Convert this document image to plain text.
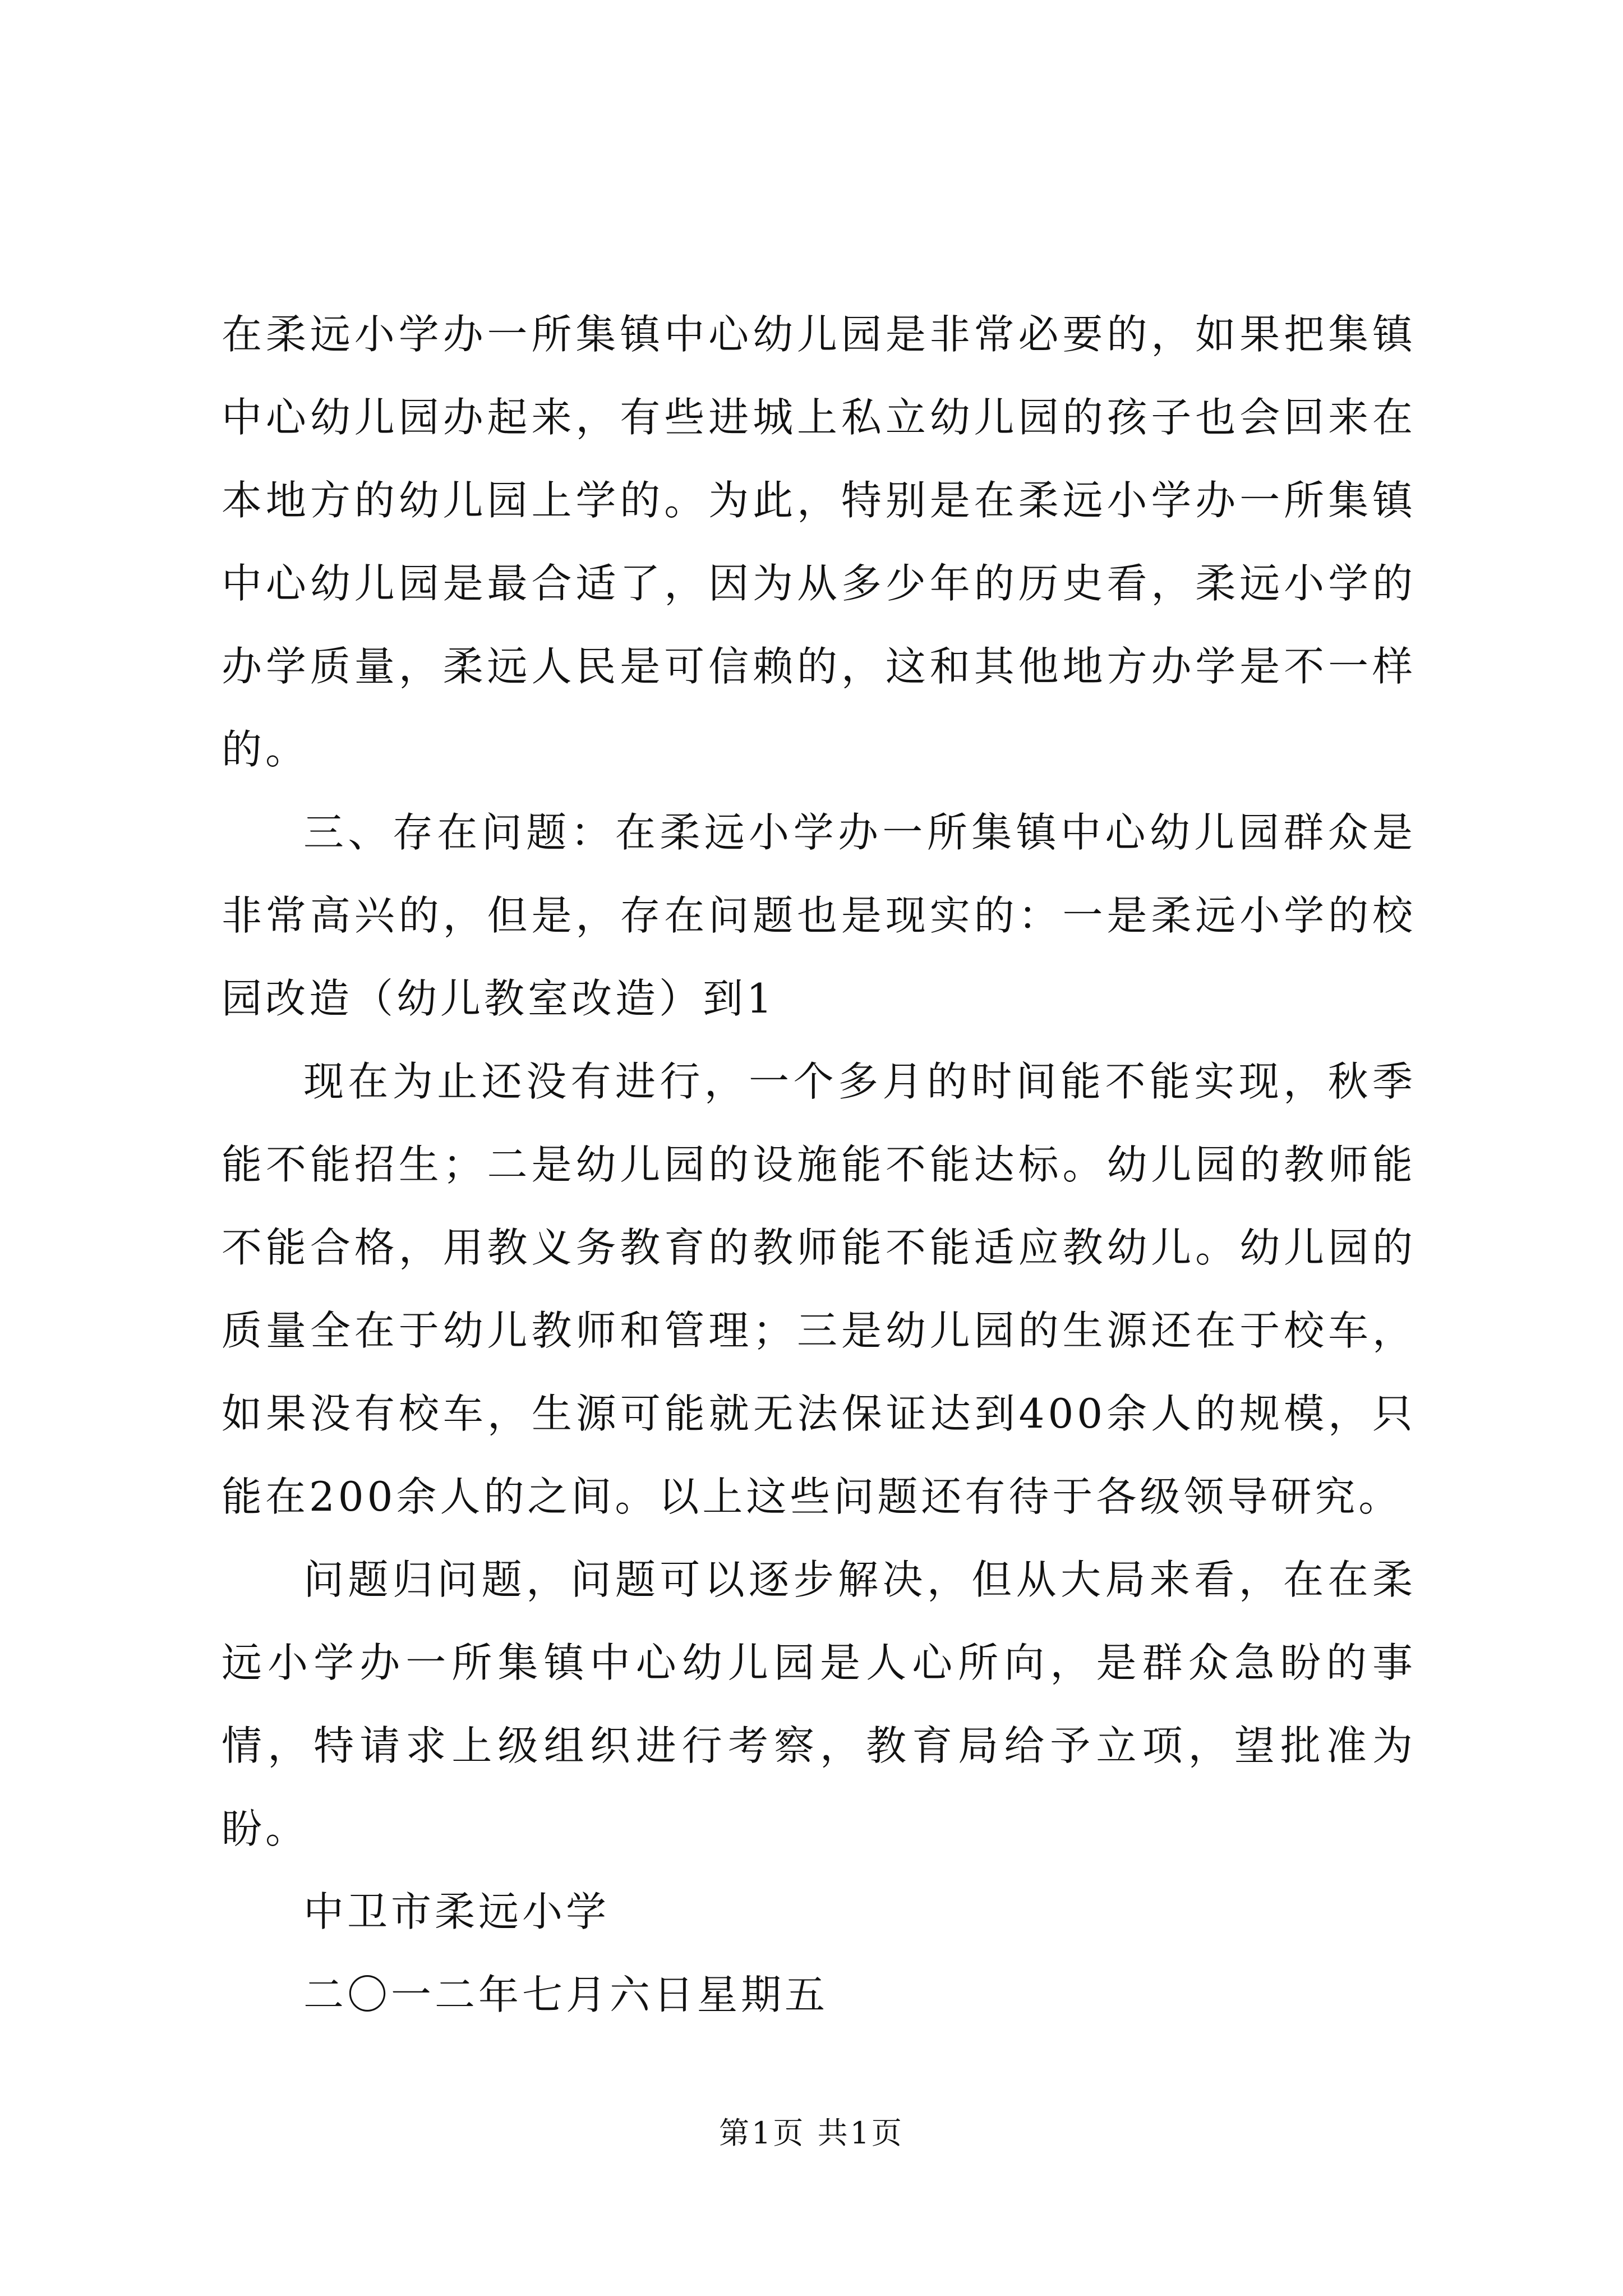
在柔远小学办一所集镇中心幼儿园是非常必要的，如果把集镇中心幼儿园办起来，有些进城上私立幼儿园的孩子也会回来在本地方的幼儿园上学的。为此，特别是在柔远小学办一所集镇中心幼儿园是最合适了，因为从多少年的历史看，柔远小学的办学质量，柔远人民是可信赖的，这和其他地方办学是不一样的。

三、存在问题：在柔远小学办一所集镇中心幼儿园群众是非常高兴的，但是，存在问题也是现实的：一是柔远小学的校园改造（幼儿教室改造）到1

现在为止还没有进行，一个多月的时间能不能实现，秋季能不能招生；二是幼儿园的设施能不能达标。幼儿园的教师能不能合格，用教义务教育的教师能不能适应教幼儿。幼儿园的质量全在于幼儿教师和管理；三是幼儿园的生源还在于校车，如果没有校车，生源可能就无法保证达到400余人的规模，只能在200余人的之间。以上这些问题还有待于各级领导研究。

问题归问题，问题可以逐步解决，但从大局来看，在在柔远小学办一所集镇中心幼儿园是人心所向，是群众急盼的事情，特请求上级组织进行考察，教育局给予立项，望批准为盼。

中卫市柔远小学

二〇一二年七月六日星期五

第1页 共1页
